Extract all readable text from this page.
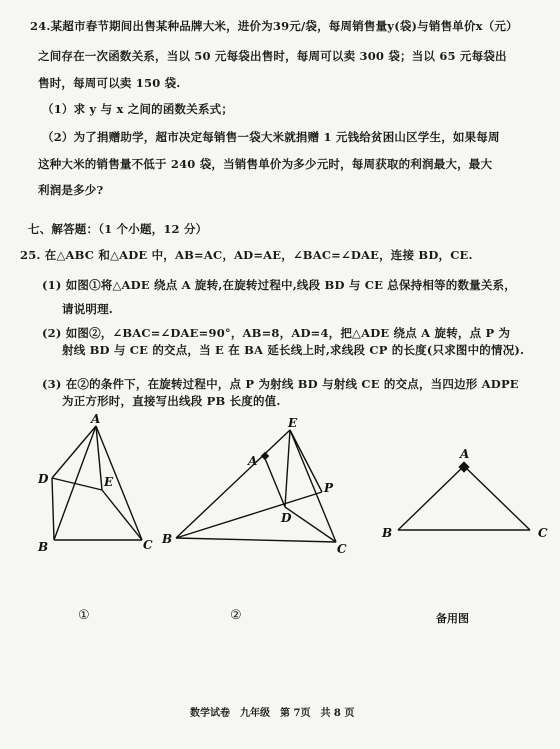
24.某超市春节期间出售某种品牌大米，进价为39元/袋，每周销售量y(袋)与销售单价x（元）
之间存在一次函数关系，当以 50 元每袋出售时，每周可以卖 300 袋；当以 65 元每袋出
售时，每周可以卖 150 袋.
（1）求 y 与 x 之间的函数关系式；
（2）为了捐赠助学，超市决定每销售一袋大米就捐赠 1 元钱给贫困山区学生，如果每周
这种大米的销售量不低于 240 袋，当销售单价为多少元时，每周获取的利润最大，最大
利润是多少?
七、解答题：（1 个小题，12 分）
25. 在△ABC 和△ADE 中，AB=AC，AD=AE，∠BAC=∠DAE，连接 BD，CE.
(1) 如图①将△ADE 绕点 A 旋转,在旋转过程中,线段 BD 与 CE 总保持相等的数量关系，
请说明理.
(2) 如图②，∠BAC=∠DAE=90°，AB=8，AD=4，把△ADE 绕点 A 旋转，点 P 为
射线 BD 与 CE 的交点，当 E 在 BA 延长线上时,求线段 CP 的长度(只求图中的情况).
(3) 在②的条件下，在旋转过程中，点 P 为射线 BD 与射线 CE 的交点，当四边形 ADPE
为正方形时，直接写出线段 PB 长度的值.
A
D	E
B	C
E
A
P
D
B
C
A
B	C
①	②	备用图
数学试卷　九年级　第 7页　共 8 页
